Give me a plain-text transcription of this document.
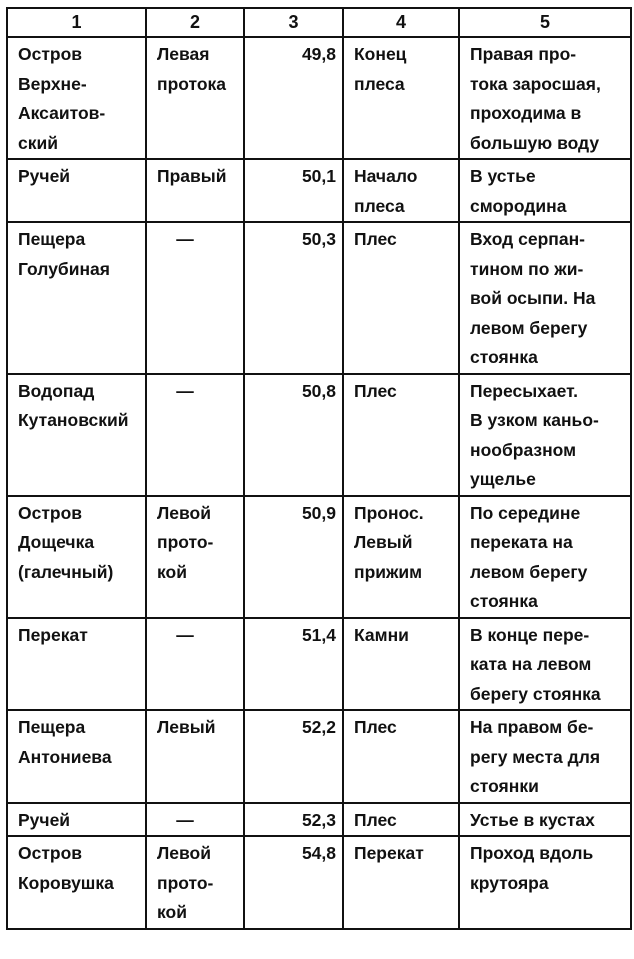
1	2	3	4	5

Остров
Верхне-
Аксаитов-
ский	Левая
протока	49,8	Конец
плеса	Правая про-
тока заросшая,
проходима в
большую воду

Ручей	Правый	50,1	Начало
плеса	В устье
смородина

Пещера
Голубиная	—	50,3	Плес	Вход серпан-
тином по жи-
вой осыпи. На
левом берегу
стоянка

Водопад
Кутановский	—	50,8	Плес	Пересыхает.
В узком каньо-
нообразном
ущелье

Остров
Дощечка
(галечный)	Левой
прото-
кой	50,9	Пронос.
Левый
прижим	По середине
переката на
левом берегу
стоянка

Перекат	—	51,4	Камни	В конце пере-
ката на левом
берегу стоянка

Пещера
Антониева	Левый	52,2	Плес	На правом бе-
регу места для
стоянки

Ручей	—	52,3	Плес	Устье в кустах

Остров
Коровушка	Левой
прото-
кой	54,8	Перекат	Проход вдоль
крутояра
